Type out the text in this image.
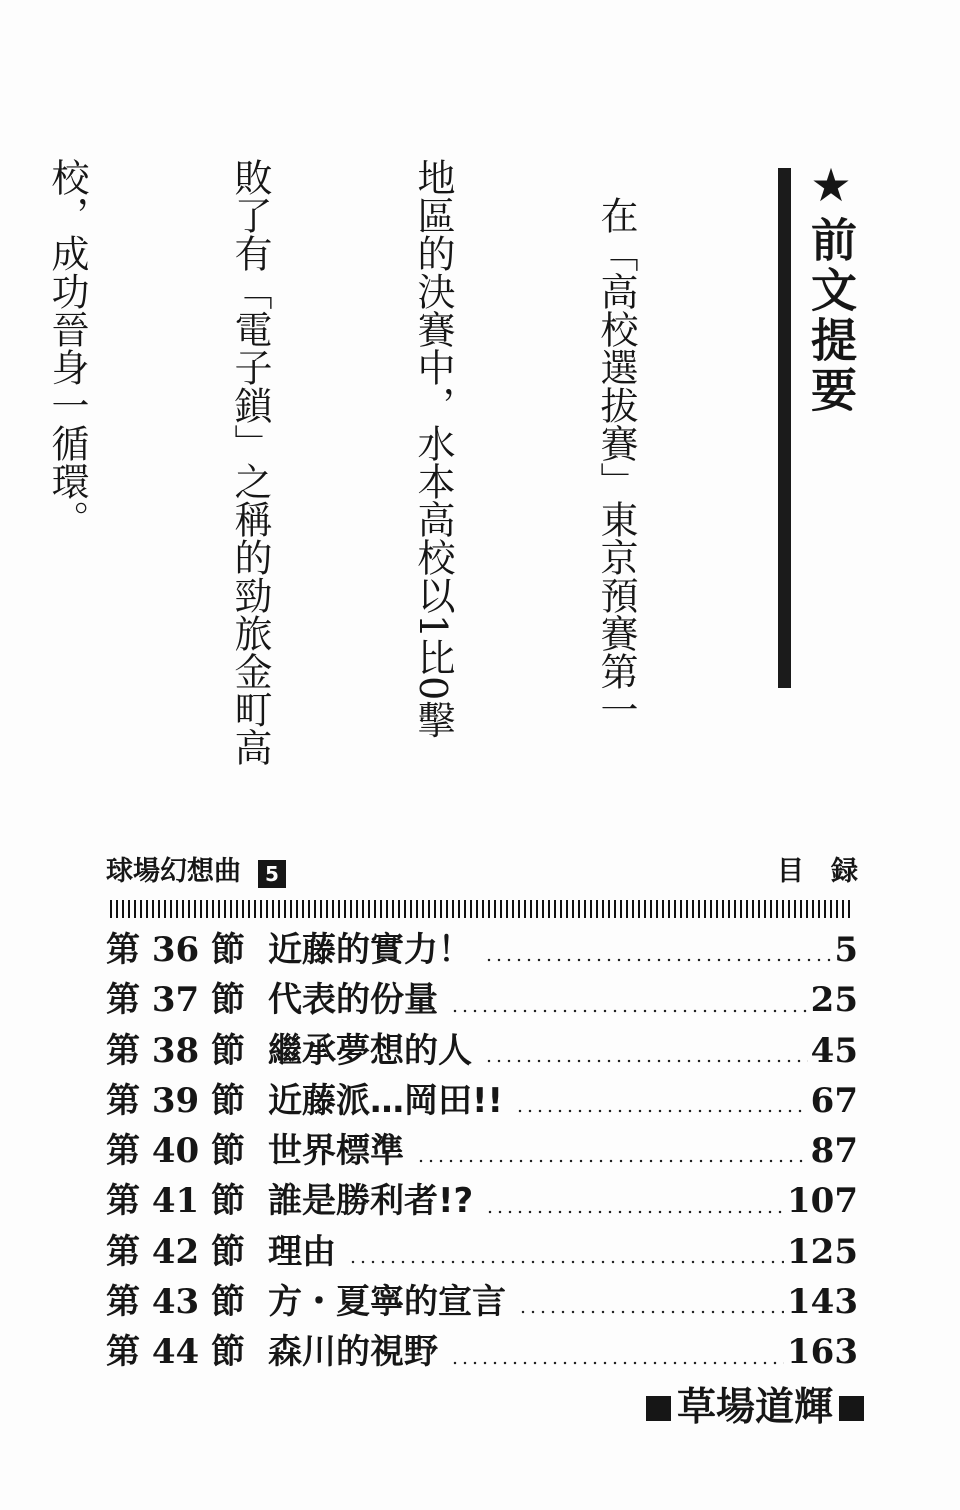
★前文提要

　在「高校選拔賽」東京預賽第一

地區的決賽中，水本高校以1比0擊

敗了有「電子鎖」之稱的勁旅金町高

校，成功晉身一循環。

球場幻想曲	5	目　録
第 36 節 近藤的實力！	5
第 37 節 代表的份量	25
第 38 節 繼承夢想的人	45
第 39 節 近藤派…岡田!!	67
第 40 節 世界標準	87
第 41 節 誰是勝利者!?	107
第 42 節 理由	125
第 43 節 方・夏寧的宣言	143
第 44 節 森川的視野	163
草場道輝
